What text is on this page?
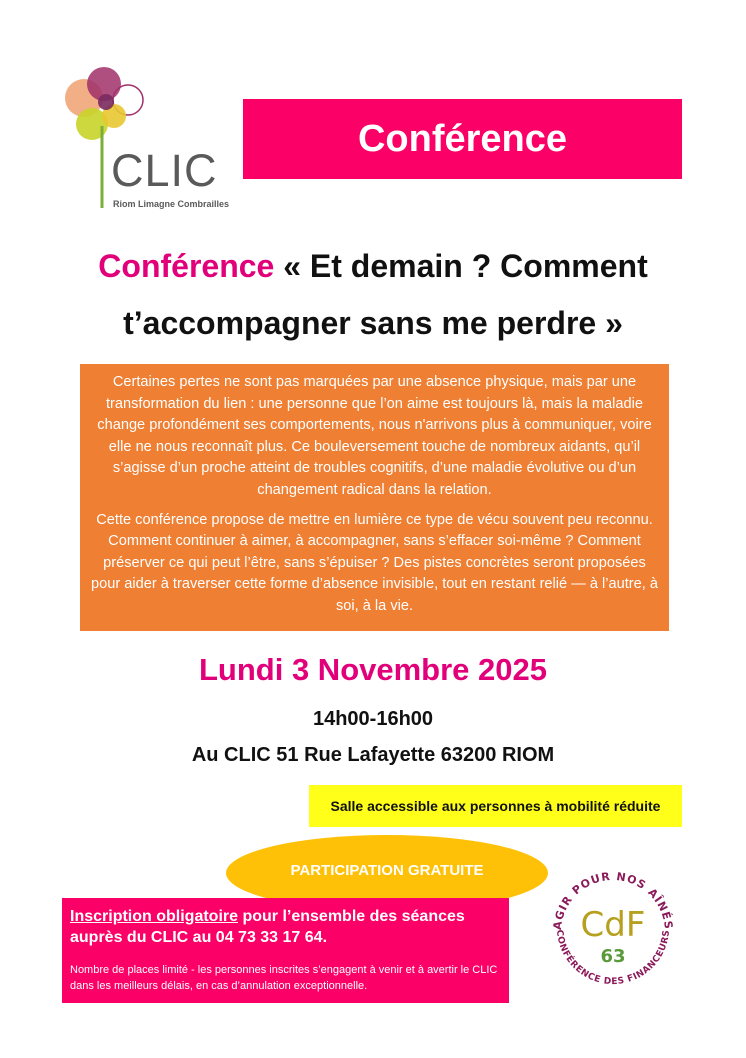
CLIC
Riom Limagne Combrailles
Conférence
Conférence « Et demain ? Comment
t’accompagner sans me perdre »

Certaines pertes ne sont pas marquées par une absence physique, mais par une transformation du lien : une personne que l’on aime est toujours là, mais la maladie change profondément ses comportements, nous n'arrivons plus à communiquer, voire elle ne nous reconnaît plus. Ce bouleversement touche de nombreux aidants, qu’il s’agisse d’un proche atteint de troubles cognitifs, d’une maladie évolutive ou d’un changement radical dans la relation.

Cette conférence propose de mettre en lumière ce type de vécu souvent peu reconnu. Comment continuer à aimer, à accompagner, sans s’effacer soi-même ? Comment préserver ce qui peut l’être, sans s’épuiser ? Des pistes concrètes seront proposées pour aider à traverser cette forme d’absence invisible, tout en restant relié — à l’autre, à soi, à la vie.

Lundi 3 Novembre 2025
14h00-16h00
Au CLIC 51 Rue Lafayette 63200 RIOM
Salle accessible aux personnes à mobilité réduite
PARTICIPATION GRATUITE

Inscription obligatoire pour l’ensemble des séances
auprès du CLIC au 04 73 33 17 64.

Nombre de places limité - les personnes inscrites s’engagent à venir et à avertir le CLIC dans les meilleurs délais, en cas d’annulation exceptionnelle.

AGIR POUR NOS AÎNÉS
CONFÉRENCE DES FINANCEURS
CdF
63
